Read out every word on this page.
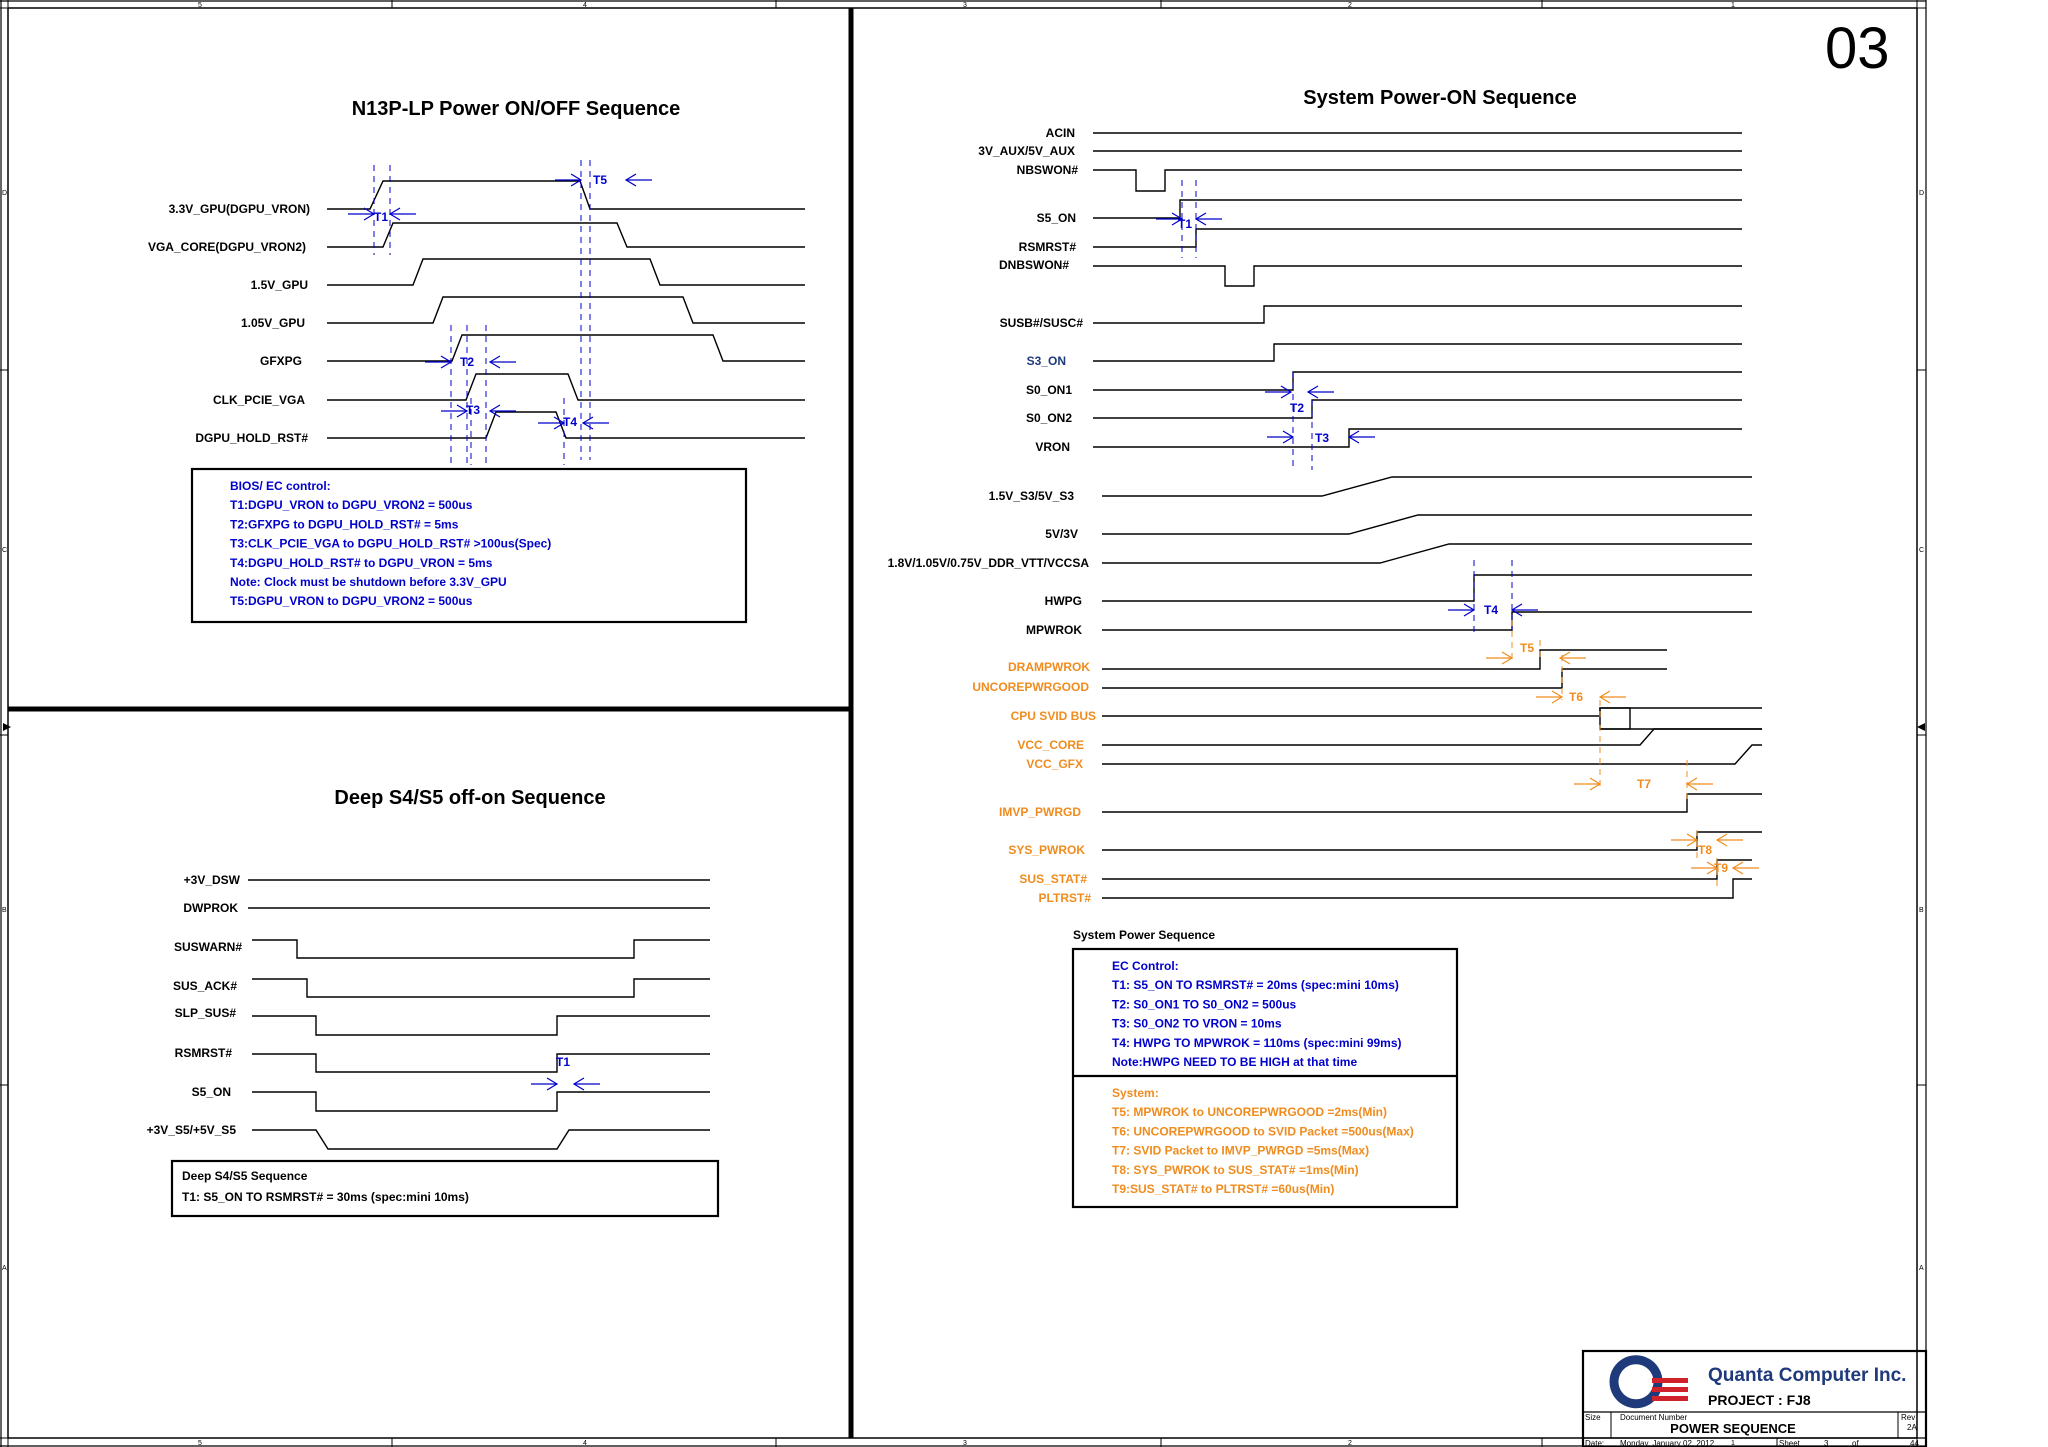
5
5
4
4
3
3
2
2
1
1
D	D
C	C
B	B
A	A
N13P-LP Power ON/OFF Sequence
3.3V_GPU(DGPU_VRON)
VGA_CORE(DGPU_VRON2)
1.5V_GPU
1.05V_GPU
GFXPG
CLK_PCIE_VGA
DGPU_HOLD_RST#
T1
T2
T3
T4
T5
BIOS/ EC control:
T1:DGPU_VRON to DGPU_VRON2 = 500us
T2:GFXPG to DGPU_HOLD_RST# = 5ms
T3:CLK_PCIE_VGA to DGPU_HOLD_RST# >100us(Spec)
T4:DGPU_HOLD_RST# to DGPU_VRON = 5ms
Note: Clock must be shutdown before 3.3V_GPU
T5:DGPU_VRON to DGPU_VRON2 = 500us
Deep S4/S5 off-on Sequence
+3V_DSW
DWPROK
SUSWARN#
SUS_ACK#
SLP_SUS#
RSMRST#
S5_ON
+3V_S5/+5V_S5
T1
Deep S4/S5 Sequence
T1: S5_ON TO RSMRST# = 30ms (spec:mini 10ms)
System Power-ON Sequence
ACIN
3V_AUX/5V_AUX
NBSWON#
S5_ON
RSMRST#
DNBSWON#
SUSB#/SUSC#
S3_ON
S0_ON1
S0_ON2
VRON
1.5V_S3/5V_S3
5V/3V
1.8V/1.05V/0.75V_DDR_VTT/VCCSA
HWPG
MPWROK
DRAMPWROK
UNCOREPWRGOOD
CPU SVID BUS
VCC_CORE
VCC_GFX
IMVP_PWRGD
SYS_PWROK
SUS_STAT#
PLTRST#
T1
T2
T3
T4
T5
T6
T7
T8
T9
System Power Sequence
EC Control:
T1: S5_ON TO RSMRST# = 20ms (spec:mini 10ms)
T2: S0_ON1 TO S0_ON2 = 500us
T3: S0_ON2 TO VRON = 10ms
T4: HWPG TO MPWROK = 110ms (spec:mini 99ms)
Note:HWPG NEED TO BE HIGH at that time
System:
T5: MPWROK to UNCOREPWRGOOD =2ms(Min)
T6: UNCOREPWRGOOD to SVID Packet =500us(Max)
T7: SVID Packet to IMVP_PWRGD =5ms(Max)
T8: SYS_PWROK to SUS_STAT# =1ms(Min)
T9:SUS_STAT# to PLTRST# =60us(Min)
Quanta Computer Inc.
PROJECT : FJ8
Size Document Number
POWER SEQUENCE
Rev
2A
Date: Monday, January 02, 2012	Sheet	3	of	44
03
